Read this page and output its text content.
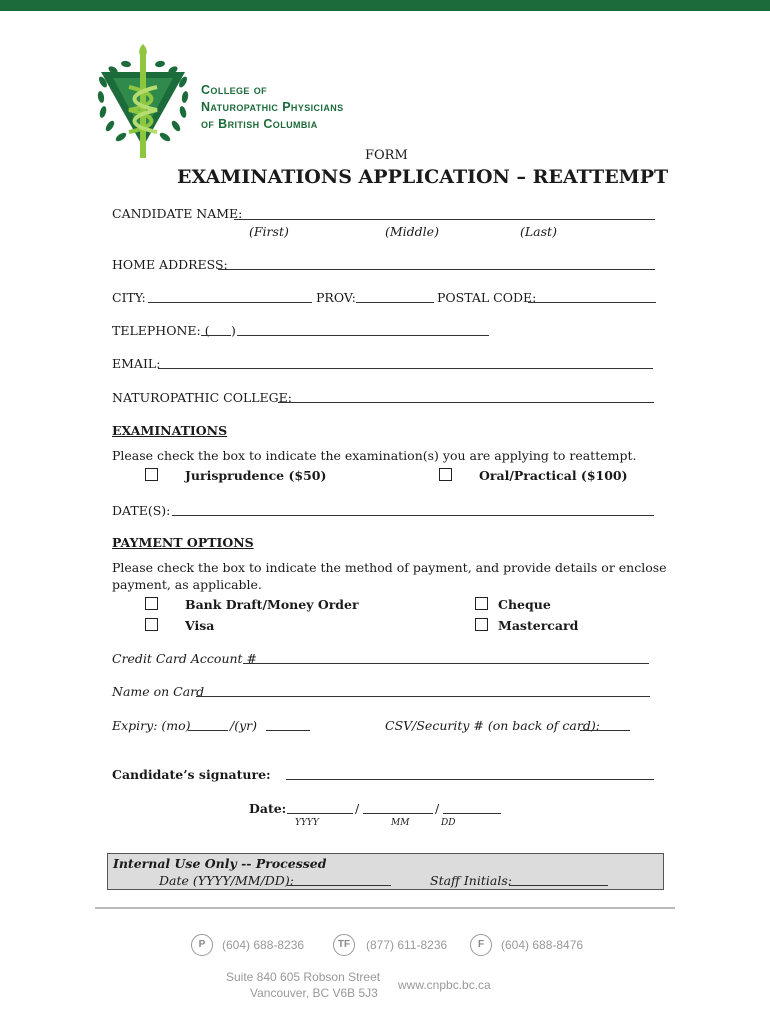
College of
Naturopathic Physicians
of British Columbia
FORM
EXAMINATIONS APPLICATION – REATTEMPT
CANDIDATE NAME:
(First)	(Middle)	(Last)
HOME ADDRESS:
CITY:	PROV:	POSTAL CODE:
TELEPHONE: ( )
EMAIL:
NATUROPATHIC COLLEGE:
EXAMINATIONS
Please check the box to indicate the examination(s) you are applying to reattempt.
Jurisprudence ($50)	Oral/Practical ($100)
DATE(S):
PAYMENT OPTIONS
Please check the box to indicate the method of payment, and provide details or enclose
payment, as applicable.
Bank Draft/Money Order	Cheque
Visa	Mastercard
Credit Card Account #
Name on Card
Expiry: (mo)	/(yr)	CSV/Security # (on back of card):
Candidate’s signature:
Date:	/	/
YYYY	MM	DD
Internal Use Only -- Processed
Date (YYYY/MM/DD):	Staff Initials:
P	(604) 688-8236	TF	(877) 611-8236	F	(604) 688-8476
Suite 840 605 Robson Street
Vancouver, BC V6B 5J3
www.cnpbc.bc.ca
